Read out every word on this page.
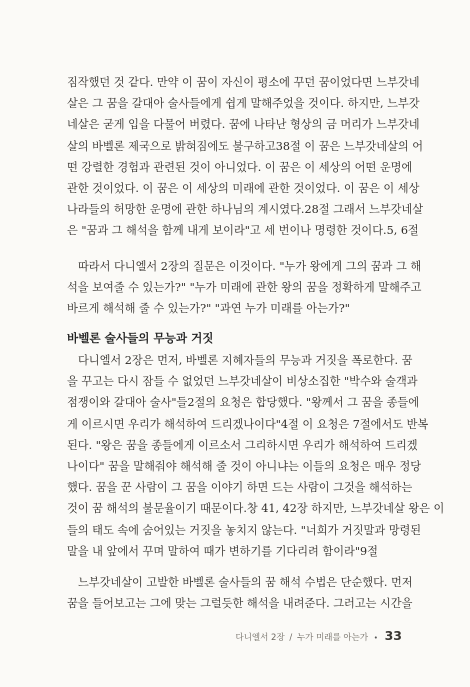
짐작했던 것 같다. 만약 이 꿈이 자신이 평소에 꾸던 꿈이었다면 느부갓네
살은 그 꿈을 갈대아 술사들에게 쉽게 말해주었을 것이다. 하지만, 느부갓
네살은 굳게 입을 다물어 버렸다. 꿈에 나타난 형상의 금 머리가 느부갓네
살의 바벨론 제국으로 밝혀짐에도 불구하고38절 이 꿈은 느부갓네살의 어
떤 강렬한 경험과 관련된 것이 아니었다. 이 꿈은 이 세상의 어떤 운명에
관한 것이었다. 이 꿈은 이 세상의 미래에 관한 것이었다. 이 꿈은 이 세상
나라들의 허망한 운명에 관한 하나님의 계시였다.28절 그래서 느부갓네살
은 "꿈과 그 해석을 함께 내게 보이라"고 세 번이나 명령한 것이다.5, 6절
따라서 다니엘서 2장의 질문은 이것이다. "누가 왕에게 그의 꿈과 그 해
석을 보여줄 수 있는가?" "누가 미래에 관한 왕의 꿈을 정확하게 말해주고
바르게 해석해 줄 수 있는가?" "과연 누가 미래를 아는가?"
바벨론 술사들의 무능과 거짓
다니엘서 2장은 먼저, 바벨론 지혜자들의 무능과 거짓을 폭로한다. 꿈
을 꾸고는 다시 잠들 수 없었던 느부갓네살이 비상소집한 "박수와 술객과
점쟁이와 갈대아 술사"들2절의 요청은 합당했다. "왕께서 그 꿈을 종들에
게 이르시면 우리가 해석하여 드리겠나이다"4절 이 요청은 7절에서도 반복
된다. "왕은 꿈을 종들에게 이르소서 그리하시면 우리가 해석하여 드리겠
나이다" 꿈을 말해줘야 해석해 줄 것이 아니냐는 이들의 요청은 매우 정당
했다. 꿈을 꾼 사람이 그 꿈을 이야기 하면 드는 사람이 그것을 해석하는
것이 꿈 해석의 불문율이기 때문이다.창 41, 42장 하지만, 느부갓네살 왕은 이
들의 태도 속에 숨어있는 거짓을 놓치지 않는다. "너희가 거짓말과 망령된
말을 내 앞에서 꾸며 말하여 때가 변하기를 기다리려 함이라"9절
느부갓네살이 고발한 바벨론 술사들의 꿈 해석 수법은 단순했다. 먼저
꿈을 들어보고는 그에 맞는 그럴듯한 해석을 내려준다. 그러고는 시간을
다니엘서 2장 / 누가 미래를 아는가 • 33
